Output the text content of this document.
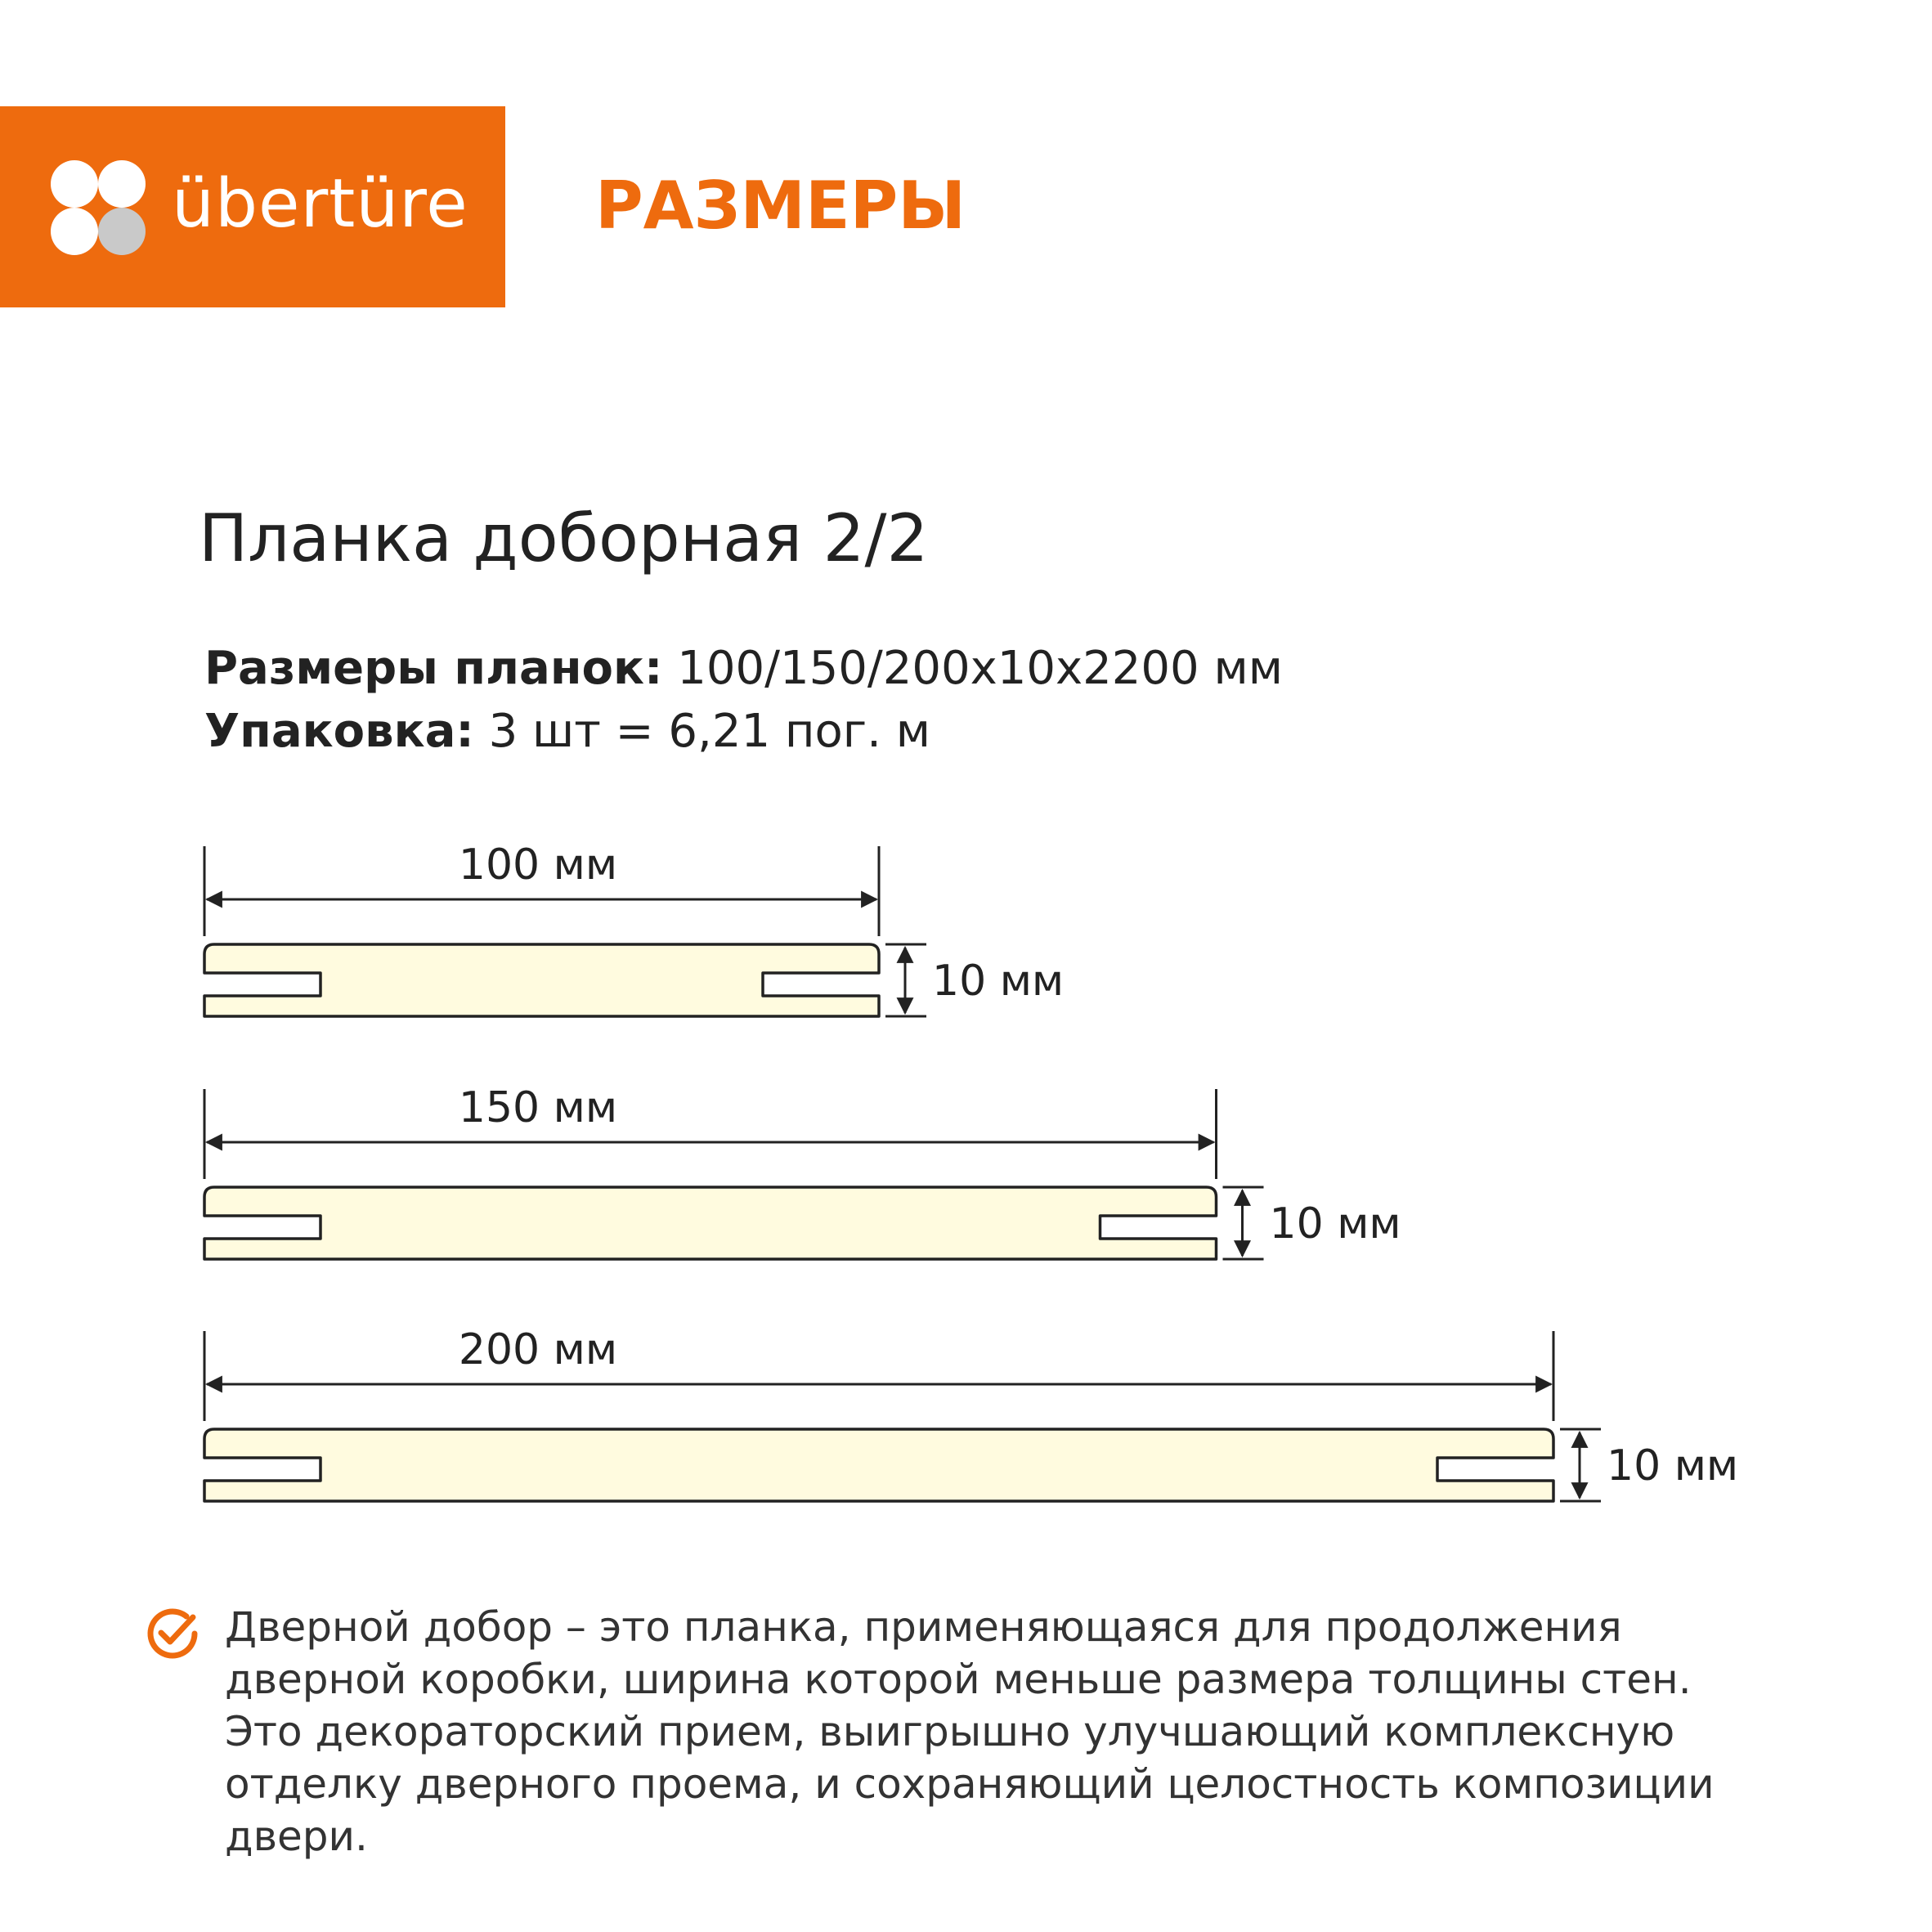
übertüre РАЗМЕРЫ
Планка доборная 2/2
Размеры планок: 100/150/200х10х2200 мм
Упаковка: 3 шт = 6,21 пог. м
100 мм
10 мм
150 мм
10 мм
200 мм
10 мм
Дверной добор – это планка, применяющаяся для продолжения дверной коробки, ширина которой меньше размера толщины стен. Это декораторский прием, выигрышно улучшающий комплексную отделку дверного проема, и сохраняющий целостность композиции двери.
